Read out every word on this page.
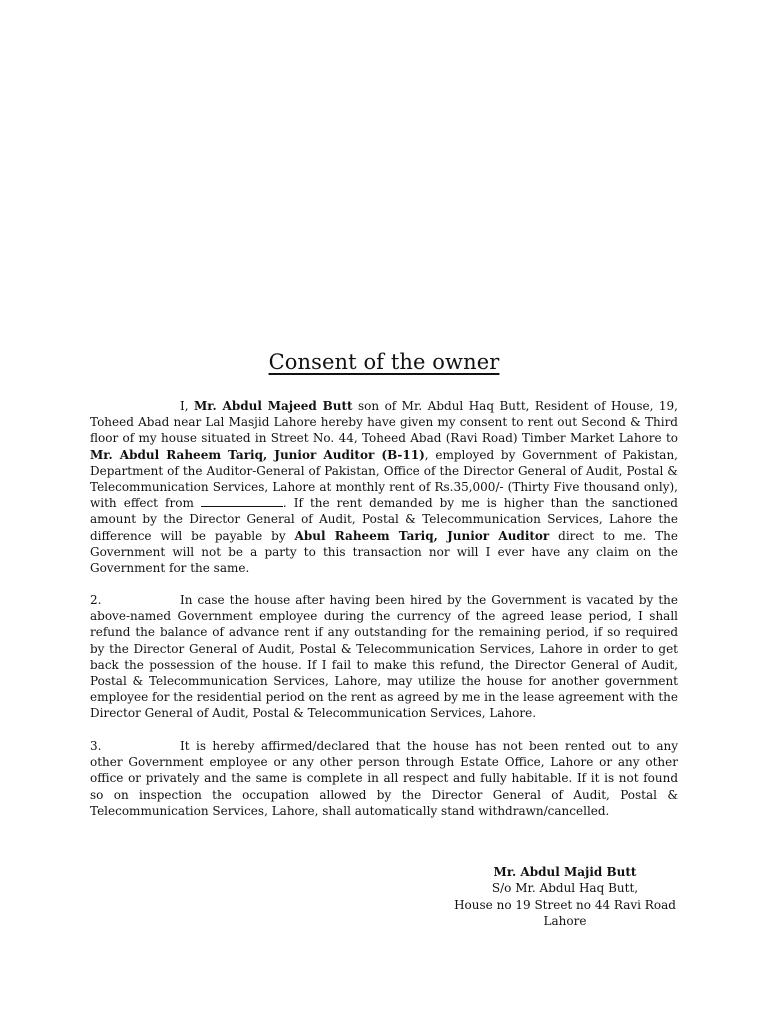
Consent of the owner
I, Mr. Abdul Majeed Butt son of Mr. Abdul Haq Butt, Resident of House, 19, Toheed Abad near Lal Masjid Lahore hereby have given my consent to rent out Second & Third floor of my house situated in Street No. 44, Toheed Abad (Ravi Road) Timber Market Lahore to Mr. Abdul Raheem Tariq, Junior Auditor (B-11), employed by Government of Pakistan, Department of the Auditor-General of Pakistan, Office of the Director General of Audit, Postal & Telecommunication Services, Lahore at monthly rent of Rs.35,000/- (Thirty Five thousand only), with effect from	. If the rent demanded by me is higher than the sanctioned amount by the Director General of Audit, Postal & Telecommunication Services, Lahore the difference will be payable by Abul Raheem Tariq, Junior Auditor direct to me. The Government will not be a party to this transaction nor will I ever have any claim on the Government for the same.
2.	In case the house after having been hired by the Government is vacated by the above-named Government employee during the currency of the agreed lease period, I shall refund the balance of advance rent if any outstanding for the remaining period, if so required by the Director General of Audit, Postal & Telecommunication Services, Lahore in order to get back the possession of the house. If I fail to make this refund, the Director General of Audit, Postal & Telecommunication Services, Lahore, may utilize the house for another government employee for the residential period on the rent as agreed by me in the lease agreement with the Director General of Audit, Postal & Telecommunication Services, Lahore.
3.	It is hereby affirmed/declared that the house has not been rented out to any other Government employee or any other person through Estate Office, Lahore or any other office or privately and the same is complete in all respect and fully habitable. If it is not found so on inspection the occupation allowed by the Director General of Audit, Postal & Telecommunication Services, Lahore, shall automatically stand withdrawn/cancelled.
Mr. Abdul Majid Butt
S/o Mr. Abdul Haq Butt,
House no 19 Street no 44 Ravi Road
Lahore
